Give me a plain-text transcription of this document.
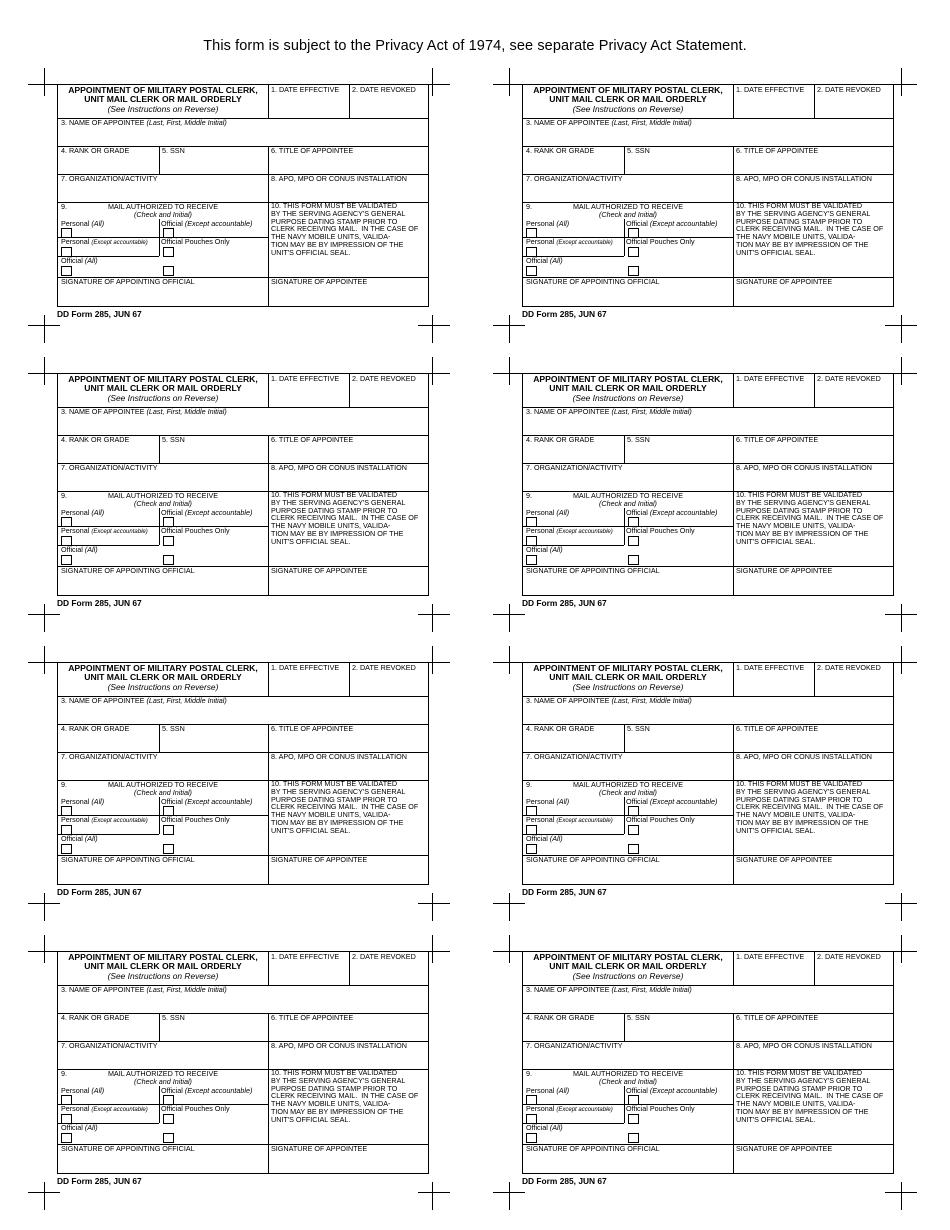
This form is subject to the Privacy Act of 1974, see separate Privacy Act Statement.
APPOINTMENT OF MILITARY POSTAL CLERK,
UNIT MAIL CLERK OR MAIL ORDERLY
(See Instructions on Reverse)
1. DATE EFFECTIVE 2. DATE REVOKED
3. NAME OF APPOINTEE (Last, First, Middle Initial)
4. RANK OR GRADE	5. SSN	6. TITLE OF APPOINTEE
7. ORGANIZATION/ACTIVITY	8. APO, MPO OR CONUS INSTALLATION
9.	MAIL AUTHORIZED TO RECEIVE
(Check and Initial)
Personal (All)	Official (Except accountable)
Personal (Except accountable) Official Pouches Only
Official (All)
10. THIS FORM MUST BE VALIDATED
BY THE SERVING AGENCY'S GENERAL
PURPOSE DATING STAMP PRIOR TO
CLERK RECEIVING MAIL.  IN THE CASE OF
THE NAVY MOBILE UNITS, VALIDA-
TION MAY BE BY IMPRESSION OF THE
UNIT'S OFFICIAL SEAL.
SIGNATURE OF APPOINTING OFFICIAL	SIGNATURE OF APPOINTEE
DD Form 285, JUN 67
APPOINTMENT OF MILITARY POSTAL CLERK,
UNIT MAIL CLERK OR MAIL ORDERLY
(See Instructions on Reverse)
1. DATE EFFECTIVE 2. DATE REVOKED
3. NAME OF APPOINTEE (Last, First, Middle Initial)
4. RANK OR GRADE	5. SSN	6. TITLE OF APPOINTEE
7. ORGANIZATION/ACTIVITY	8. APO, MPO OR CONUS INSTALLATION
9.	MAIL AUTHORIZED TO RECEIVE
(Check and Initial)
Personal (All)	Official (Except accountable)
Personal (Except accountable) Official Pouches Only
Official (All)
10. THIS FORM MUST BE VALIDATED
BY THE SERVING AGENCY'S GENERAL
PURPOSE DATING STAMP PRIOR TO
CLERK RECEIVING MAIL.  IN THE CASE OF
THE NAVY MOBILE UNITS, VALIDA-
TION MAY BE BY IMPRESSION OF THE
UNIT'S OFFICIAL SEAL.
SIGNATURE OF APPOINTING OFFICIAL	SIGNATURE OF APPOINTEE
DD Form 285, JUN 67
APPOINTMENT OF MILITARY POSTAL CLERK,
UNIT MAIL CLERK OR MAIL ORDERLY
(See Instructions on Reverse)
1. DATE EFFECTIVE 2. DATE REVOKED
3. NAME OF APPOINTEE (Last, First, Middle Initial)
4. RANK OR GRADE	5. SSN	6. TITLE OF APPOINTEE
7. ORGANIZATION/ACTIVITY	8. APO, MPO OR CONUS INSTALLATION
9.	MAIL AUTHORIZED TO RECEIVE
(Check and Initial)
Personal (All)	Official (Except accountable)
Personal (Except accountable) Official Pouches Only
Official (All)
10. THIS FORM MUST BE VALIDATED
BY THE SERVING AGENCY'S GENERAL
PURPOSE DATING STAMP PRIOR TO
CLERK RECEIVING MAIL.  IN THE CASE OF
THE NAVY MOBILE UNITS, VALIDA-
TION MAY BE BY IMPRESSION OF THE
UNIT'S OFFICIAL SEAL.
SIGNATURE OF APPOINTING OFFICIAL	SIGNATURE OF APPOINTEE
DD Form 285, JUN 67
APPOINTMENT OF MILITARY POSTAL CLERK,
UNIT MAIL CLERK OR MAIL ORDERLY
(See Instructions on Reverse)
1. DATE EFFECTIVE 2. DATE REVOKED
3. NAME OF APPOINTEE (Last, First, Middle Initial)
4. RANK OR GRADE	5. SSN	6. TITLE OF APPOINTEE
7. ORGANIZATION/ACTIVITY	8. APO, MPO OR CONUS INSTALLATION
9.	MAIL AUTHORIZED TO RECEIVE
(Check and Initial)
Personal (All)	Official (Except accountable)
Personal (Except accountable) Official Pouches Only
Official (All)
10. THIS FORM MUST BE VALIDATED
BY THE SERVING AGENCY'S GENERAL
PURPOSE DATING STAMP PRIOR TO
CLERK RECEIVING MAIL.  IN THE CASE OF
THE NAVY MOBILE UNITS, VALIDA-
TION MAY BE BY IMPRESSION OF THE
UNIT'S OFFICIAL SEAL.
SIGNATURE OF APPOINTING OFFICIAL	SIGNATURE OF APPOINTEE
DD Form 285, JUN 67
APPOINTMENT OF MILITARY POSTAL CLERK,
UNIT MAIL CLERK OR MAIL ORDERLY
(See Instructions on Reverse)
1. DATE EFFECTIVE 2. DATE REVOKED
3. NAME OF APPOINTEE (Last, First, Middle Initial)
4. RANK OR GRADE	5. SSN	6. TITLE OF APPOINTEE
7. ORGANIZATION/ACTIVITY	8. APO, MPO OR CONUS INSTALLATION
9.	MAIL AUTHORIZED TO RECEIVE
(Check and Initial)
Personal (All)	Official (Except accountable)
Personal (Except accountable) Official Pouches Only
Official (All)
10. THIS FORM MUST BE VALIDATED
BY THE SERVING AGENCY'S GENERAL
PURPOSE DATING STAMP PRIOR TO
CLERK RECEIVING MAIL.  IN THE CASE OF
THE NAVY MOBILE UNITS, VALIDA-
TION MAY BE BY IMPRESSION OF THE
UNIT'S OFFICIAL SEAL.
SIGNATURE OF APPOINTING OFFICIAL	SIGNATURE OF APPOINTEE
DD Form 285, JUN 67
APPOINTMENT OF MILITARY POSTAL CLERK,
UNIT MAIL CLERK OR MAIL ORDERLY
(See Instructions on Reverse)
1. DATE EFFECTIVE 2. DATE REVOKED
3. NAME OF APPOINTEE (Last, First, Middle Initial)
4. RANK OR GRADE	5. SSN	6. TITLE OF APPOINTEE
7. ORGANIZATION/ACTIVITY	8. APO, MPO OR CONUS INSTALLATION
9.	MAIL AUTHORIZED TO RECEIVE
(Check and Initial)
Personal (All)	Official (Except accountable)
Personal (Except accountable) Official Pouches Only
Official (All)
10. THIS FORM MUST BE VALIDATED
BY THE SERVING AGENCY'S GENERAL
PURPOSE DATING STAMP PRIOR TO
CLERK RECEIVING MAIL.  IN THE CASE OF
THE NAVY MOBILE UNITS, VALIDA-
TION MAY BE BY IMPRESSION OF THE
UNIT'S OFFICIAL SEAL.
SIGNATURE OF APPOINTING OFFICIAL	SIGNATURE OF APPOINTEE
DD Form 285, JUN 67
APPOINTMENT OF MILITARY POSTAL CLERK,
UNIT MAIL CLERK OR MAIL ORDERLY
(See Instructions on Reverse)
1. DATE EFFECTIVE 2. DATE REVOKED
3. NAME OF APPOINTEE (Last, First, Middle Initial)
4. RANK OR GRADE	5. SSN	6. TITLE OF APPOINTEE
7. ORGANIZATION/ACTIVITY	8. APO, MPO OR CONUS INSTALLATION
9.	MAIL AUTHORIZED TO RECEIVE
(Check and Initial)
Personal (All)	Official (Except accountable)
Personal (Except accountable) Official Pouches Only
Official (All)
10. THIS FORM MUST BE VALIDATED
BY THE SERVING AGENCY'S GENERAL
PURPOSE DATING STAMP PRIOR TO
CLERK RECEIVING MAIL.  IN THE CASE OF
THE NAVY MOBILE UNITS, VALIDA-
TION MAY BE BY IMPRESSION OF THE
UNIT'S OFFICIAL SEAL.
SIGNATURE OF APPOINTING OFFICIAL	SIGNATURE OF APPOINTEE
DD Form 285, JUN 67
APPOINTMENT OF MILITARY POSTAL CLERK,
UNIT MAIL CLERK OR MAIL ORDERLY
(See Instructions on Reverse)
1. DATE EFFECTIVE 2. DATE REVOKED
3. NAME OF APPOINTEE (Last, First, Middle Initial)
4. RANK OR GRADE	5. SSN	6. TITLE OF APPOINTEE
7. ORGANIZATION/ACTIVITY	8. APO, MPO OR CONUS INSTALLATION
9.	MAIL AUTHORIZED TO RECEIVE
(Check and Initial)
Personal (All)	Official (Except accountable)
Personal (Except accountable) Official Pouches Only
Official (All)
10. THIS FORM MUST BE VALIDATED
BY THE SERVING AGENCY'S GENERAL
PURPOSE DATING STAMP PRIOR TO
CLERK RECEIVING MAIL.  IN THE CASE OF
THE NAVY MOBILE UNITS, VALIDA-
TION MAY BE BY IMPRESSION OF THE
UNIT'S OFFICIAL SEAL.
SIGNATURE OF APPOINTING OFFICIAL	SIGNATURE OF APPOINTEE
DD Form 285, JUN 67
